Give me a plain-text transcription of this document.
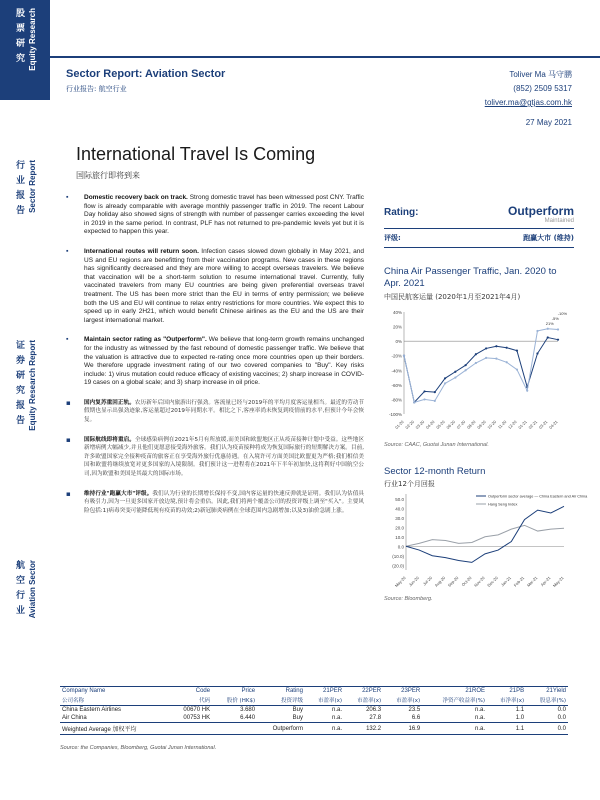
股票研究 Equity Research
行业报告 Sector Report
证券研究报告 Equity Research Report
航空行业 Aviation Sector
Sector Report: Aviation Sector
行业报告: 航空行业
Toliver Ma 马守鹏
(852) 2509 5317
toliver.ma@gtjas.com.hk
27 May 2021
International Travel Is Coming
国际旅行即将到来
▪ Domestic recovery back on track. Strong domestic travel has been witnessed post CNY. Traffic flow is already comparable with average monthly passenger traffic in 2019. The recent Labour Day holiday also showed signs of strength with number of passenger carries exceeding the level in 2019 in the same period. In contrast, PLF has not returned to pre-pandemic levels yet but it is expected to happen this year.
▪ International routes will return soon. Infection cases slowed down globally in May 2021, and US and EU regions are benefitting from their vaccination programs. New cases in these regions has significantly decreased and they are more willing to accept overseas travelers. We believe that vaccination will be a short-term solution to resume international travel. Currently, fully vaccinated travelers from many EU countries are being given preferential overseas travel treatment. The US has been more strict than the EU in terms of entry permission; we believe both the US and EU will continue to relax entry restrictions for more countries. We expect this to speed up in early 2H21, which would benefit Chinese airlines as the EU and the US are their largest international market.
▪ Maintain sector rating as "Outperform". We believe that long-term growth remains unchanged for the industry as witnessed by the fast rebound of domestic passenger traffic. We believe that the valuation is attractive due to expected re-rating once more countries open up their borders. We therefore upgrade investment rating of our two covered companies to "Buy". Key risks include: 1) virus mutation could reduce efficacy of existing vaccines; 2) sharp increase in COVID-19 cases on a global scale; and 3) sharp increase in oil price.
▪ 国内复苏重回正轨。农历新年后国内旅游出行强劲。客流量已经与2019年的平均月度客运量相当。最近的劳动节假期也显示出强劲迹象,客运量超过2019年同期水平。相比之下,客座率尚未恢复到疫情前的水平,但预计今年会恢复。
▪ 国际航线即将重启。全球感染病例在2021年5月有所放缓,而美国和欧盟地区正从疫苗接种计划中受益。这些地区新增病例大幅减少,并且他们更愿意接受海外旅客。我们认为疫苗接种将成为恢复国际旅行的短期解决方案。目前,许多欧盟国家完全接种疫苗的旅客正在享受海外旅行优惠待遇。在入境许可方面美国比欧盟更为严格;我们相信美国和欧盟将继续放宽对更多国家的入境限制。我们预计这一进程将在2021年下半年初加快,这将利好中国航空公司,因为欧盟和美国是其最大的国际市场。
▪ 维持行业"跑赢大市"评级。我们认为行业的长期增长保持不变,国内客运量的快速反弹就是证明。我们认为估值具有吸引力,因为一旦更多国家开放边境,预计将会重估。因此,我们将两个覆盖公司的投资评级上调至"买入"。主要风险包括:1)病毒突变可能降低现有疫苗的功效;2)新冠肺炎病例在全球范围内急剧增加;以及3)油价急剧上涨。
Rating:	Outperform
Maintained
评级:	跑赢大市 (维持)
China Air Passenger Traffic, Jan. 2020 to Apr. 2021
中国民航客运量 (2020年1月至2021年4月)
40%
20%
0%
-20%
-40%
-60%
-80%
-100%
01-20 02-20 03-20 04-20 05-20 06-20 07-20 08-20 09-20 10-20 11-20 12-20 01-21 02-21 03-21 04-21
21%
-5%
-10%
Source: CAAC, Guotai Junan International.
Sector 12-month Return
行业12个月回报
50.0
40.0
30.0
20.0
10.0
0.0
(10.0)
(20.0)
May-20 Jun-20 Jul-20 Aug-20 Sep-20 Oct-20 Nov-20 Dec-20 Jan-21 Feb-21 Mar-21 Apr-21 May-21
Outperform sector average — China Eastern and Air China
Hang Seng Index
Source: Bloomberg.
Company Name	Code	Price	Rating	21PER	22PER	23PER	21ROE	21PB	21Yield
公司名称	代码	股价 (HK$)	投资评级	市盈率(x)	市盈率(x)	市盈率(x)	净资产收益率(%)	市净率(x)	股息率(%)
China Eastern Airlines	00670 HK	3.680	Buy	n.a.	206.3	23.5	n.a.	1.1	0.0
Air China	00753 HK	6.440	Buy	n.a.	27.8	6.6	n.a.	1.0	0.0
Weighted Average 加权平均			Outperform	n.a.	132.2	16.9	n.a.	1.1	0.0
Source: the Companies, Bloomberg, Guotai Junan International.
